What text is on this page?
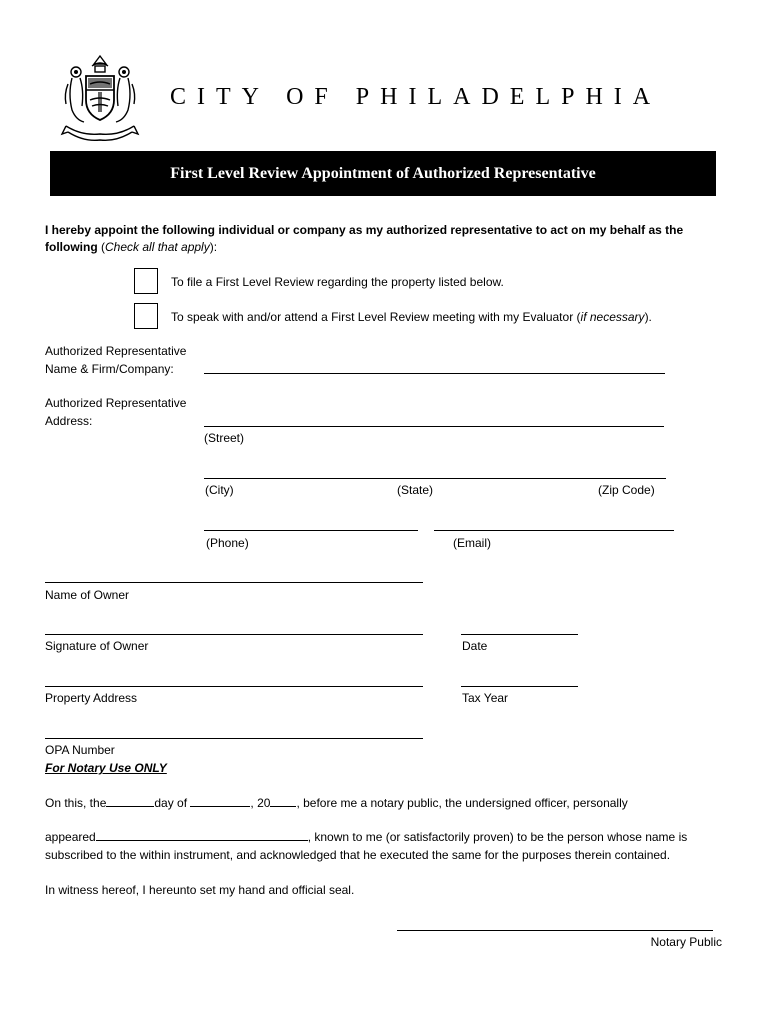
CITY OF PHILADELPHIA
First Level Review Appointment of Authorized Representative
I hereby appoint the following individual or company as my authorized representative to act on my behalf as the
following (Check all that apply):
To file a First Level Review regarding the property listed below.
To speak with and/or attend a First Level Review meeting with my Evaluator (if necessary).
Authorized Representative
Name & Firm/Company:
Authorized Representative
Address:
(Street)
(City)	(State)	(Zip Code)
(Phone)	(Email)
Name of Owner
Signature of Owner	Date
Property Address	Tax Year
OPA Number
For Notary Use ONLY
On this, the	day of	, 20 , before me a notary public, the undersigned officer, personally
appeared	, known to me (or satisfactorily proven) to be the person whose name is
subscribed to the within instrument, and acknowledged that he executed the same for the purposes therein contained.
In witness hereof, I hereunto set my hand and official seal.
Notary Public
